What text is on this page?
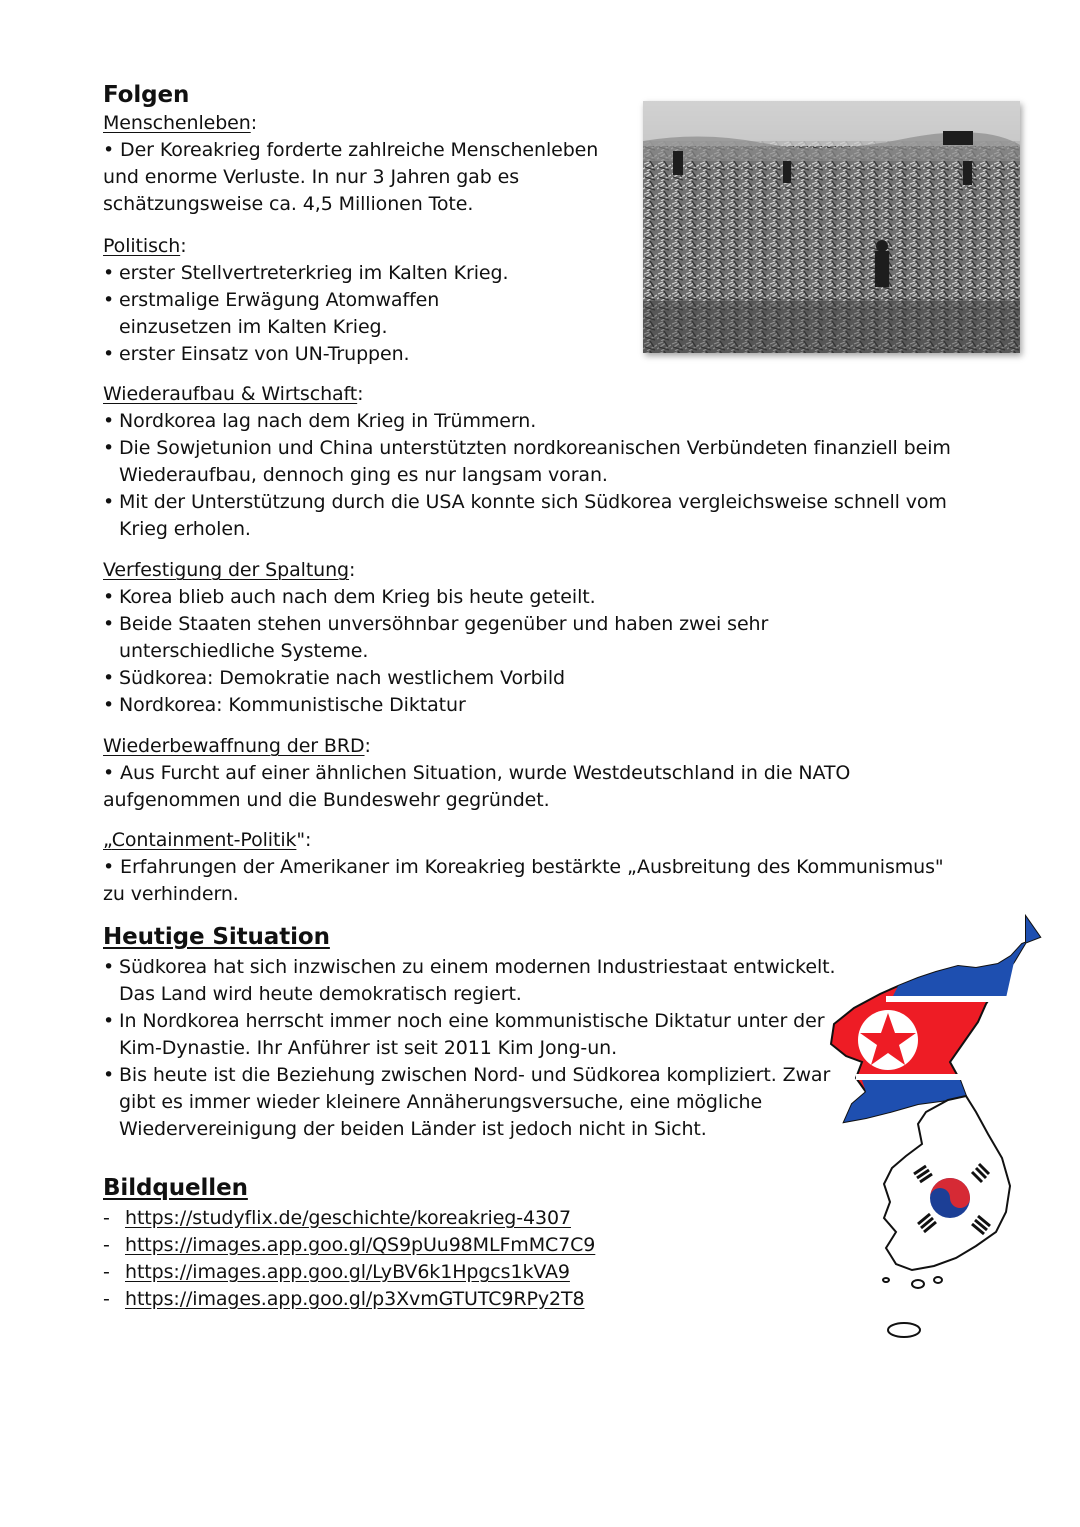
Folgen
Menschenleben:

• Der Koreakrieg forderte zahlreiche Menschenleben und enorme Verluste. In nur 3 Jahren gab es schätzungsweise ca. 4,5 Millionen Tote.

Politisch:
• erster Stellvertreterkrieg im Kalten Krieg.
• erstmalige Erwägung Atomwaffen einzusetzen im Kalten Krieg.
• erster Einsatz von UN-Truppen.
Wiederaufbau & Wirtschaft:
• Nordkorea lag nach dem Krieg in Trümmern.
• Die Sowjetunion und China unterstützten nordkoreanischen Verbündeten finanziell beim Wiederaufbau, dennoch ging es nur langsam voran.
• Mit der Unterstützung durch die USA konnte sich Südkorea vergleichsweise schnell vom Krieg erholen.
Verfestigung der Spaltung:
• Korea blieb auch nach dem Krieg bis heute geteilt.
• Beide Staaten stehen unversöhnbar gegenüber und haben zwei sehr unterschiedliche Systeme.
• Südkorea: Demokratie nach westlichem Vorbild
• Nordkorea: Kommunistische Diktatur
Wiederbewaffnung der BRD:

• Aus Furcht auf einer ähnlichen Situation, wurde Westdeutschland in die NATO aufgenommen und die Bundeswehr gegründet.

„Containment-Politik":

• Erfahrungen der Amerikaner im Koreakrieg bestärkte „Ausbreitung des Kommunismus" zu verhindern.

Heutige Situation
• Südkorea hat sich inzwischen zu einem modernen Industriestaat entwickelt. Das Land wird heute demokratisch regiert.
• In Nordkorea herrscht immer noch eine kommunistische Diktatur unter der Kim-Dynastie. Ihr Anführer ist seit 2011 Kim Jong-un.
• Bis heute ist die Beziehung zwischen Nord- und Südkorea kompliziert. Zwar gibt es immer wieder kleinere Annäherungsversuche, eine mögliche Wiedervereinigung der beiden Länder ist jedoch nicht in Sicht.
Bildquellen
- https://studyflix.de/geschichte/koreakrieg-4307
- https://images.app.goo.gl/QS9pUu98MLFmMC7C9
- https://images.app.goo.gl/LyBV6k1Hpgcs1kVA9
- https://images.app.goo.gl/p3XvmGTUTC9RPy2T8
